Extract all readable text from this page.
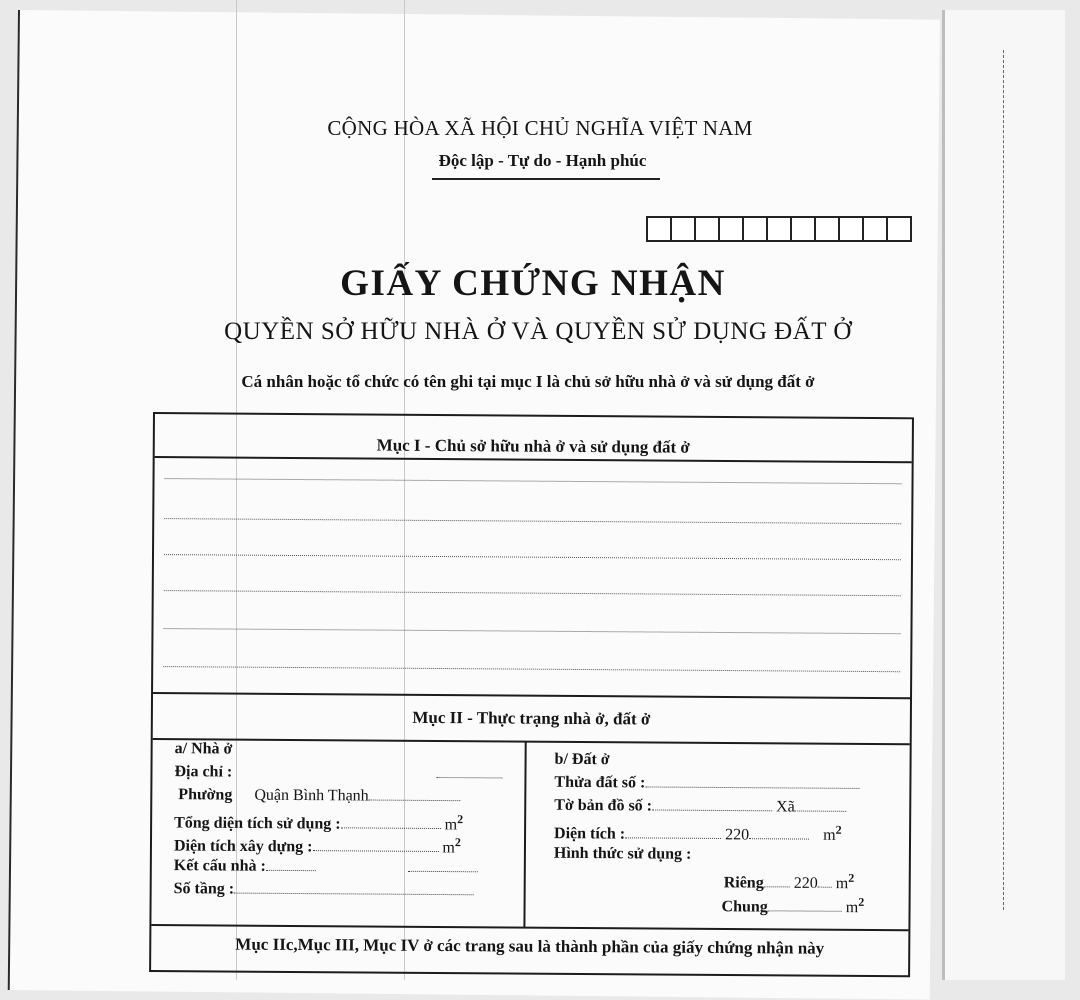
CỘNG HÒA XÃ HỘI CHỦ NGHĨA VIỆT NAM
Độc lập - Tự do - Hạnh phúc
GIẤY CHỨNG NHẬN
QUYỀN SỞ HỮU NHÀ Ở VÀ QUYỀN SỬ DỤNG ĐẤT Ở
Cá nhân hoặc tổ chức có tên ghi tại mục I là chủ sở hữu nhà ở và sử dụng đất ở
Mục I - Chủ sở hữu nhà ở và sử dụng đất ở
Mục II - Thực trạng nhà ở, đất ở
a/ Nhà ở
Địa chỉ :
Phường Quận Bình Thạnh
Tổng diện tích sử dụng :	$m^2$
Diện tích xây dựng :	$m^2$
Kết cấu nhà :
Số tầng :
b/ Đất ở
Thửa đất số :
Tờ bản đồ số :	Xã
Diện tích :	220	$m^2$
Hình thức sử dụng :
Riêng 220 $m^2$
Chung	$m^2$
Mục IIc,Mục III, Mục IV ở các trang sau là thành phần của giấy chứng nhận này
